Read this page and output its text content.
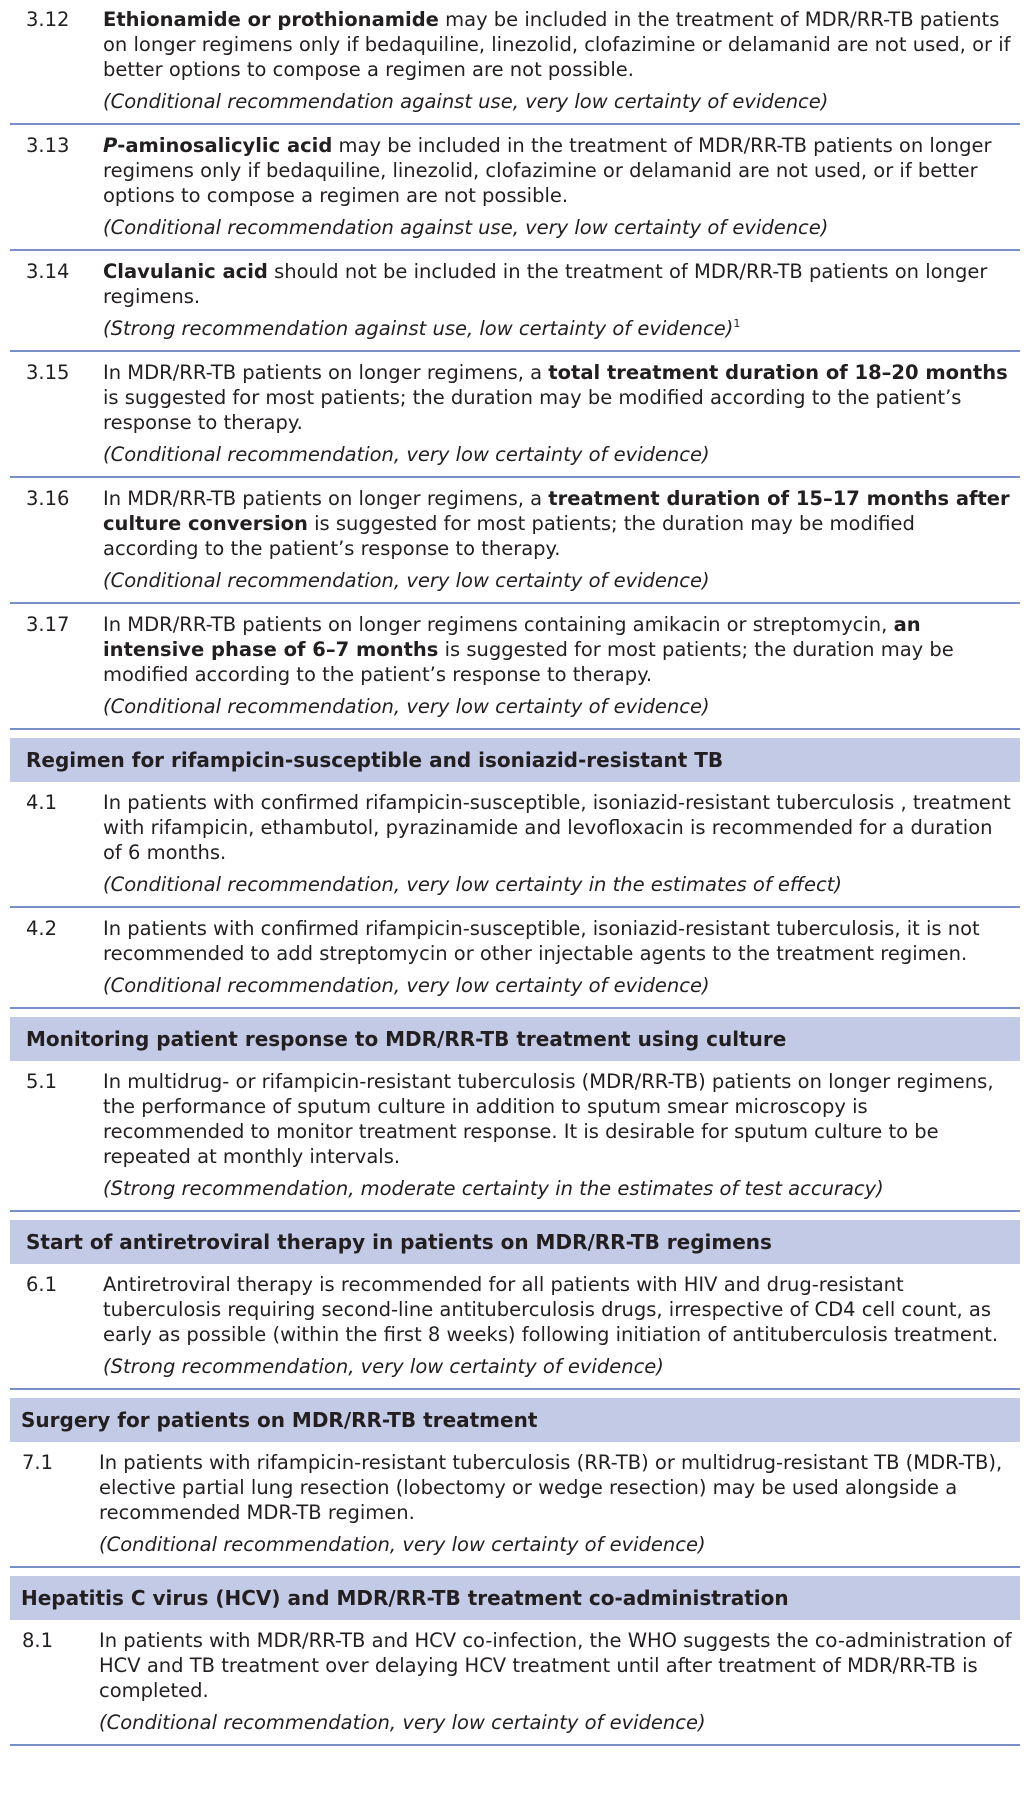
3.12 Ethionamide or prothionamide may be included in the treatment of MDR/RR-TB patients on longer regimens only if bedaquiline, linezolid, clofazimine or delamanid are not used, or if better options to compose a regimen are not possible.
(Conditional recommendation against use, very low certainty of evidence)
3.13 P-aminosalicylic acid may be included in the treatment of MDR/RR-TB patients on longer regimens only if bedaquiline, linezolid, clofazimine or delamanid are not used, or if better options to compose a regimen are not possible.
(Conditional recommendation against use, very low certainty of evidence)
3.14 Clavulanic acid should not be included in the treatment of MDR/RR-TB patients on longer regimens.
(Strong recommendation against use, low certainty of evidence)$^1$
3.15 In MDR/RR-TB patients on longer regimens, a total treatment duration of 18–20 months is suggested for most patients; the duration may be modified according to the patient’s response to therapy.
(Conditional recommendation, very low certainty of evidence)
3.16 In MDR/RR-TB patients on longer regimens, a treatment duration of 15–17 months after culture conversion is suggested for most patients; the duration may be modified according to the patient’s response to therapy.
(Conditional recommendation, very low certainty of evidence)
3.17 In MDR/RR-TB patients on longer regimens containing amikacin or streptomycin, an intensive phase of 6–7 months is suggested for most patients; the duration may be modified according to the patient’s response to therapy.
(Conditional recommendation, very low certainty of evidence)
Regimen for rifampicin-susceptible and isoniazid-resistant TB
4.1 In patients with confirmed rifampicin-susceptible, isoniazid-resistant tuberculosis , treatment with rifampicin, ethambutol, pyrazinamide and levofloxacin is recommended for a duration of 6 months.
(Conditional recommendation, very low certainty in the estimates of effect)
4.2 In patients with confirmed rifampicin-susceptible, isoniazid-resistant tuberculosis, it is not recommended to add streptomycin or other injectable agents to the treatment regimen.
(Conditional recommendation, very low certainty of evidence)
Monitoring patient response to MDR/RR-TB treatment using culture
5.1 In multidrug- or rifampicin-resistant tuberculosis (MDR/RR-TB) patients on longer regimens, the performance of sputum culture in addition to sputum smear microscopy is recommended to monitor treatment response. It is desirable for sputum culture to be repeated at monthly intervals.
(Strong recommendation, moderate certainty in the estimates of test accuracy)
Start of antiretroviral therapy in patients on MDR/RR-TB regimens
6.1 Antiretroviral therapy is recommended for all patients with HIV and drug-resistant tuberculosis requiring second-line antituberculosis drugs, irrespective of CD4 cell count, as early as possible (within the first 8 weeks) following initiation of antituberculosis treatment.
(Strong recommendation, very low certainty of evidence)
Surgery for patients on MDR/RR-TB treatment
7.1 In patients with rifampicin-resistant tuberculosis (RR-TB) or multidrug-resistant TB (MDR-TB), elective partial lung resection (lobectomy or wedge resection) may be used alongside a recommended MDR-TB regimen.
(Conditional recommendation, very low certainty of evidence)
Hepatitis C virus (HCV) and MDR/RR-TB treatment co-administration
8.1 In patients with MDR/RR-TB and HCV co-infection, the WHO suggests the co-administration of HCV and TB treatment over delaying HCV treatment until after treatment of MDR/RR-TB is completed.
(Conditional recommendation, very low certainty of evidence)
